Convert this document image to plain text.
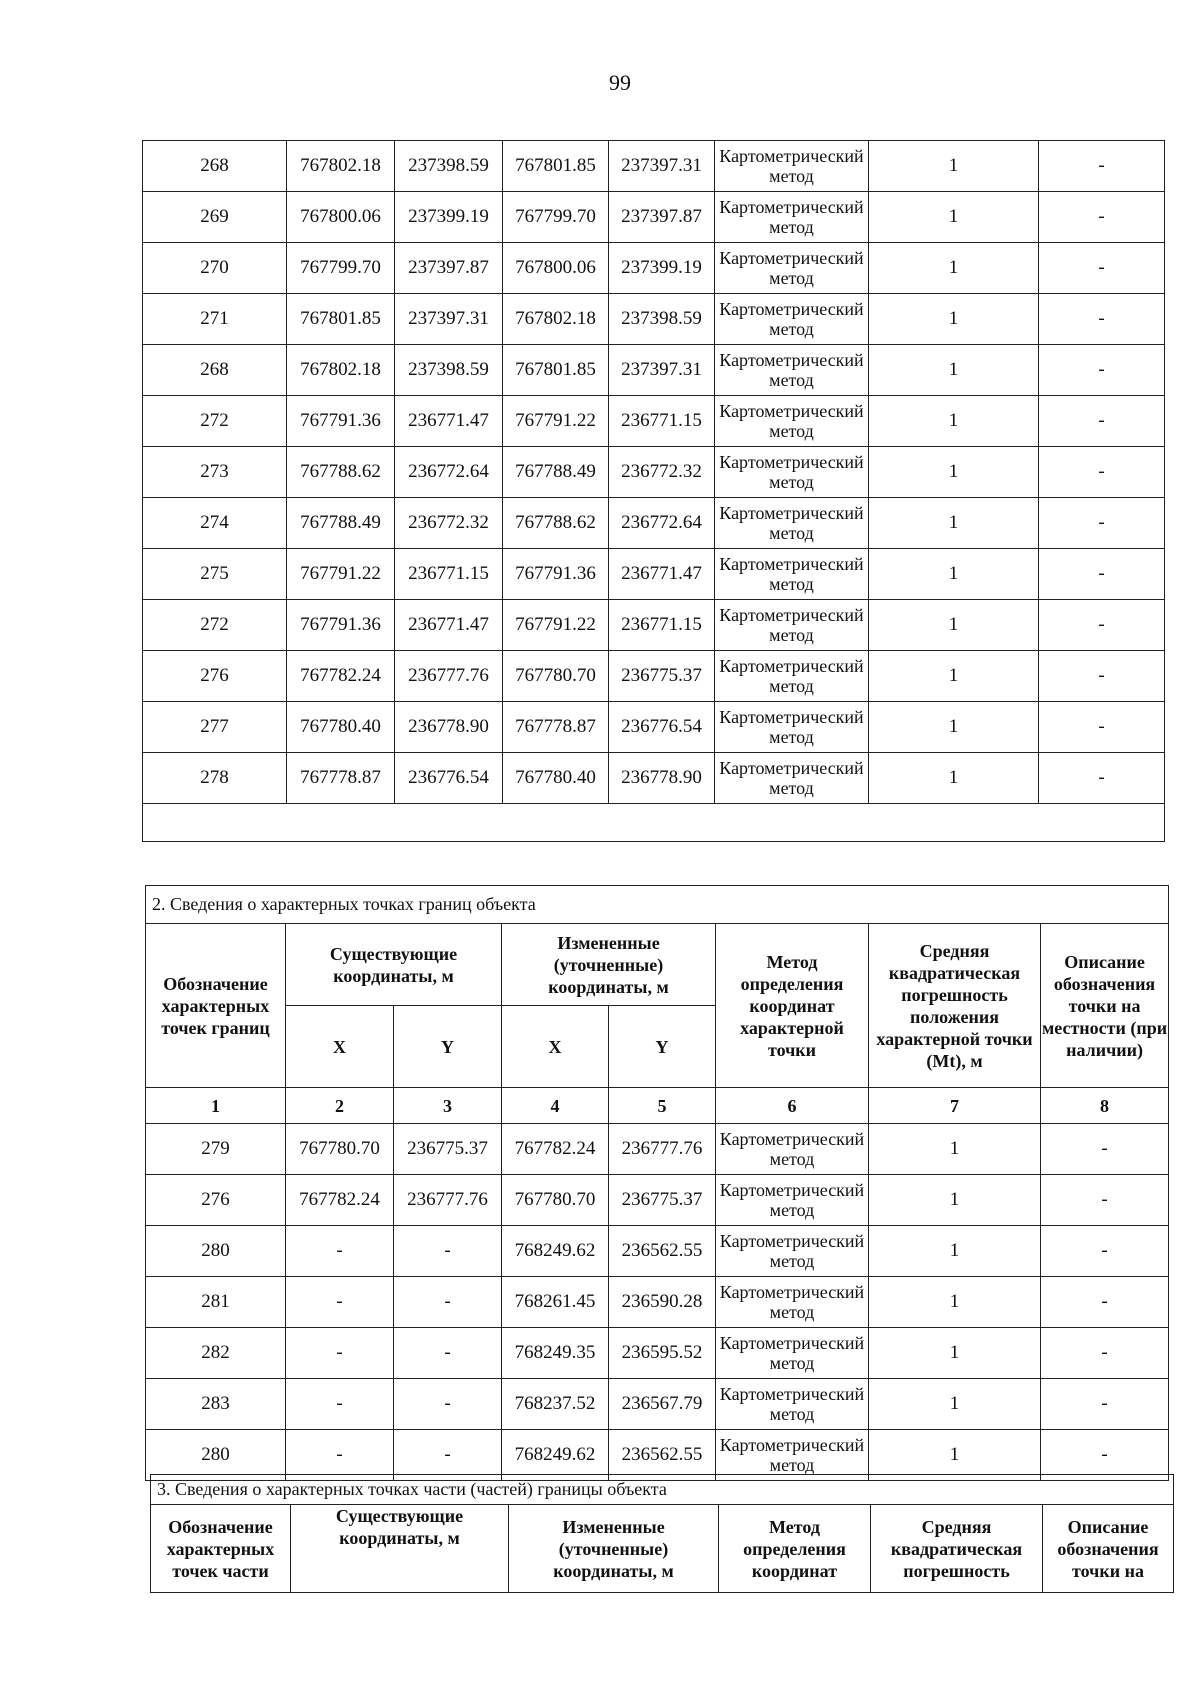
99
268	767802.18	237398.59	767801.85	237397.31	Картометрический метод	1	-
269	767800.06	237399.19	767799.70	237397.87	Картометрический метод	1	-
270	767799.70	237397.87	767800.06	237399.19	Картометрический метод	1	-
271	767801.85	237397.31	767802.18	237398.59	Картометрический метод	1	-
268	767802.18	237398.59	767801.85	237397.31	Картометрический метод	1	-
272	767791.36	236771.47	767791.22	236771.15	Картометрический метод	1	-
273	767788.62	236772.64	767788.49	236772.32	Картометрический метод	1	-
274	767788.49	236772.32	767788.62	236772.64	Картометрический метод	1	-
275	767791.22	236771.15	767791.36	236771.47	Картометрический метод	1	-
272	767791.36	236771.47	767791.22	236771.15	Картометрический метод	1	-
276	767782.24	236777.76	767780.70	236775.37	Картометрический метод	1	-
277	767780.40	236778.90	767778.87	236776.54	Картометрический метод	1	-
278	767778.87	236776.54	767780.40	236778.90	Картометрический метод	1	-

2. Сведения о характерных точках границ объекта							
Обозначение характерных точек границ	Существующие координаты, м		Измененные (уточненные) координаты, м		Метод определения координат характерной точки	Средняя квадратическая погрешность положения характерной точки (Mt), м	Описание обозначения точки на местности (при наличии)
	X	Y	X	Y			
1	2	3	4	5	6	7	8
279	767780.70	236775.37	767782.24	236777.76	Картометрический метод	1	-
276	767782.24	236777.76	767780.70	236775.37	Картометрический метод	1	-
280	-	-	768249.62	236562.55	Картометрический метод	1	-
281	-	-	768261.45	236590.28	Картометрический метод	1	-
282	-	-	768249.35	236595.52	Картометрический метод	1	-
283	-	-	768237.52	236567.79	Картометрический метод	1	-
280	-	-	768249.62	236562.55	Картометрический метод	1	-
3. Сведения о характерных точках части (частей) границы объекта
Обозначение характерных точек части	Существующие координаты, м	Измененные (уточненные) координаты, м	Метод определения координат	Средняя квадратическая погрешность	Описание обозначения точки на
